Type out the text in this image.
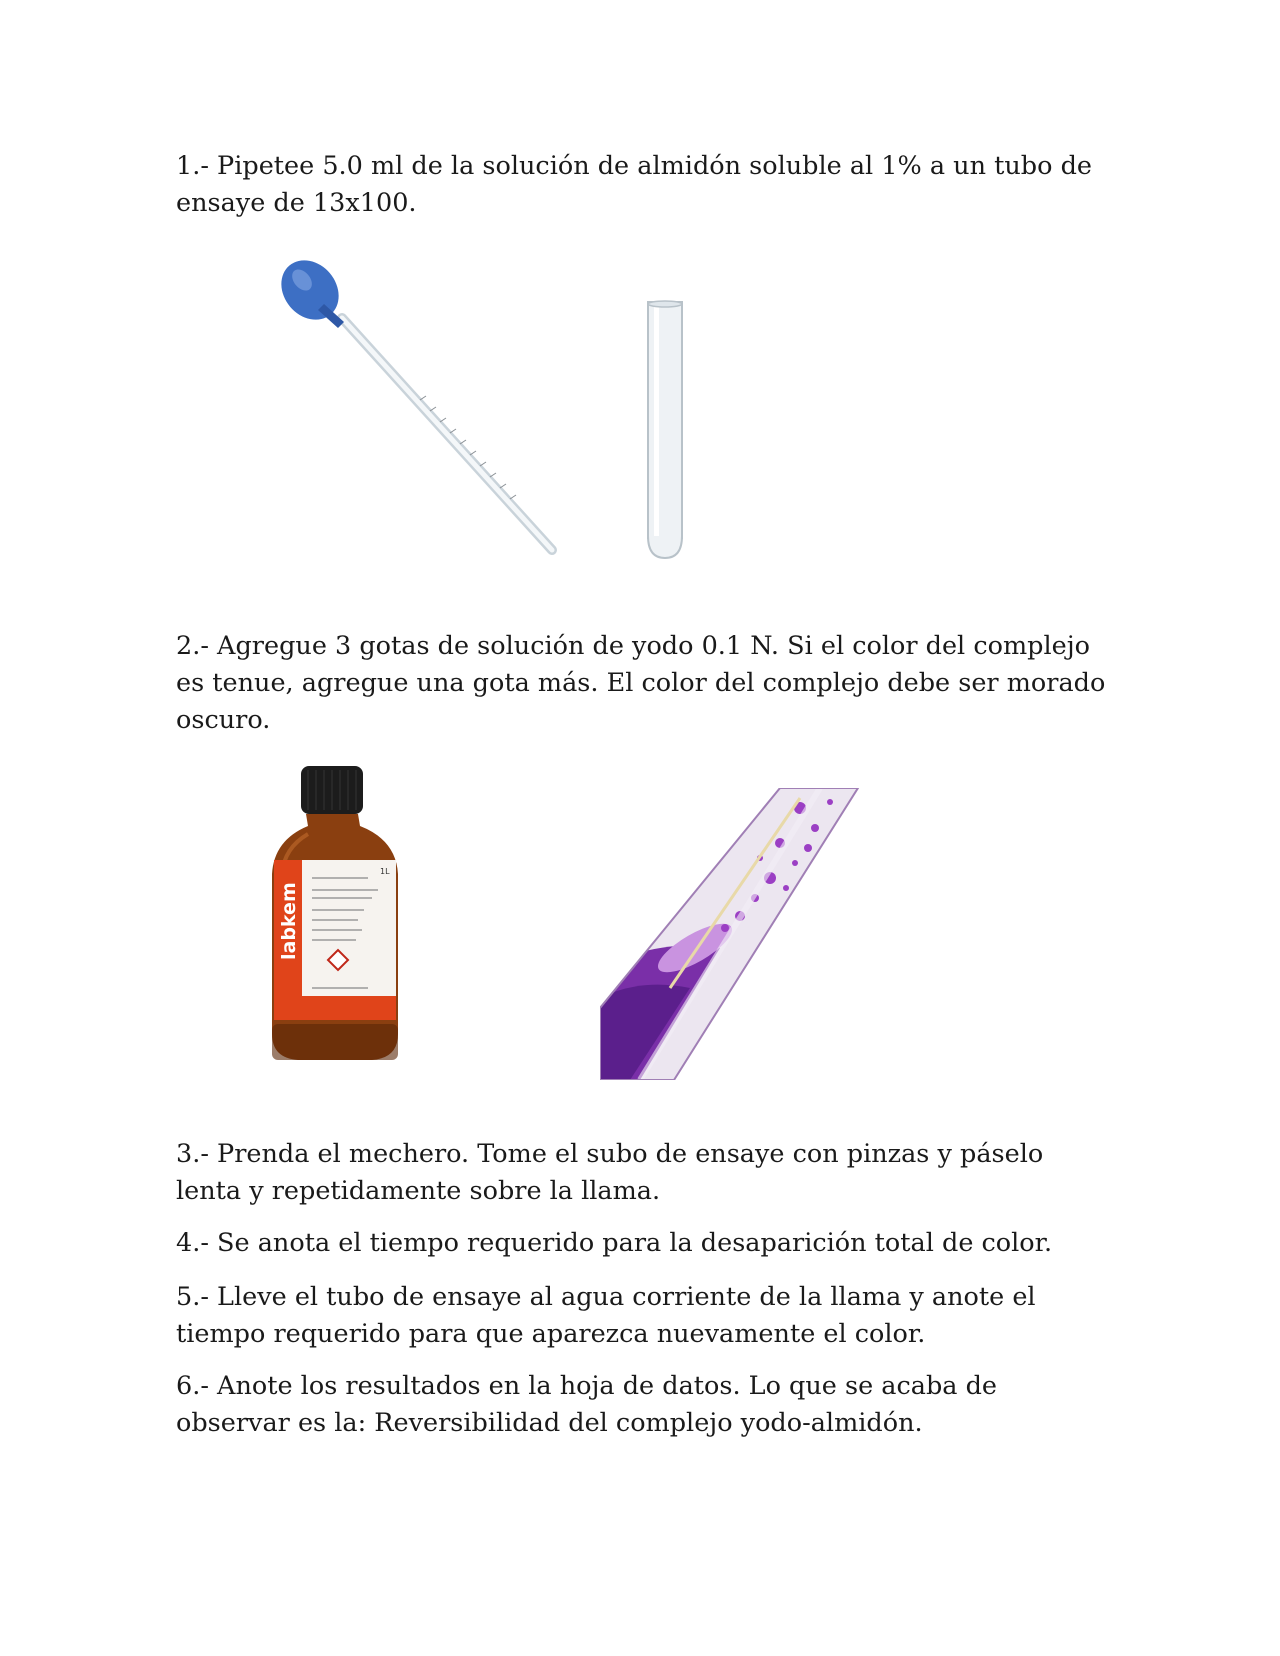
1.- Pipetee 5.0 ml de la solución de almidón soluble al 1% a un tubo de ensaye de 13x100.

2.- Agregue 3 gotas de solución de yodo 0.1 N. Si el color del complejo es tenue, agregue una gota más. El color del complejo debe ser morado oscuro.

labkem
1L

3.- Prenda el mechero. Tome el subo de ensaye con pinzas y páselo lenta y repetidamente sobre la llama.

4.- Se anota el tiempo requerido para la desaparición total de color.

5.- Lleve el tubo de ensaye al agua corriente de la llama y anote el tiempo requerido para que aparezca nuevamente el color.

6.- Anote los resultados en la hoja de datos. Lo que se acaba de observar es la: Reversibilidad del complejo yodo-almidón.
